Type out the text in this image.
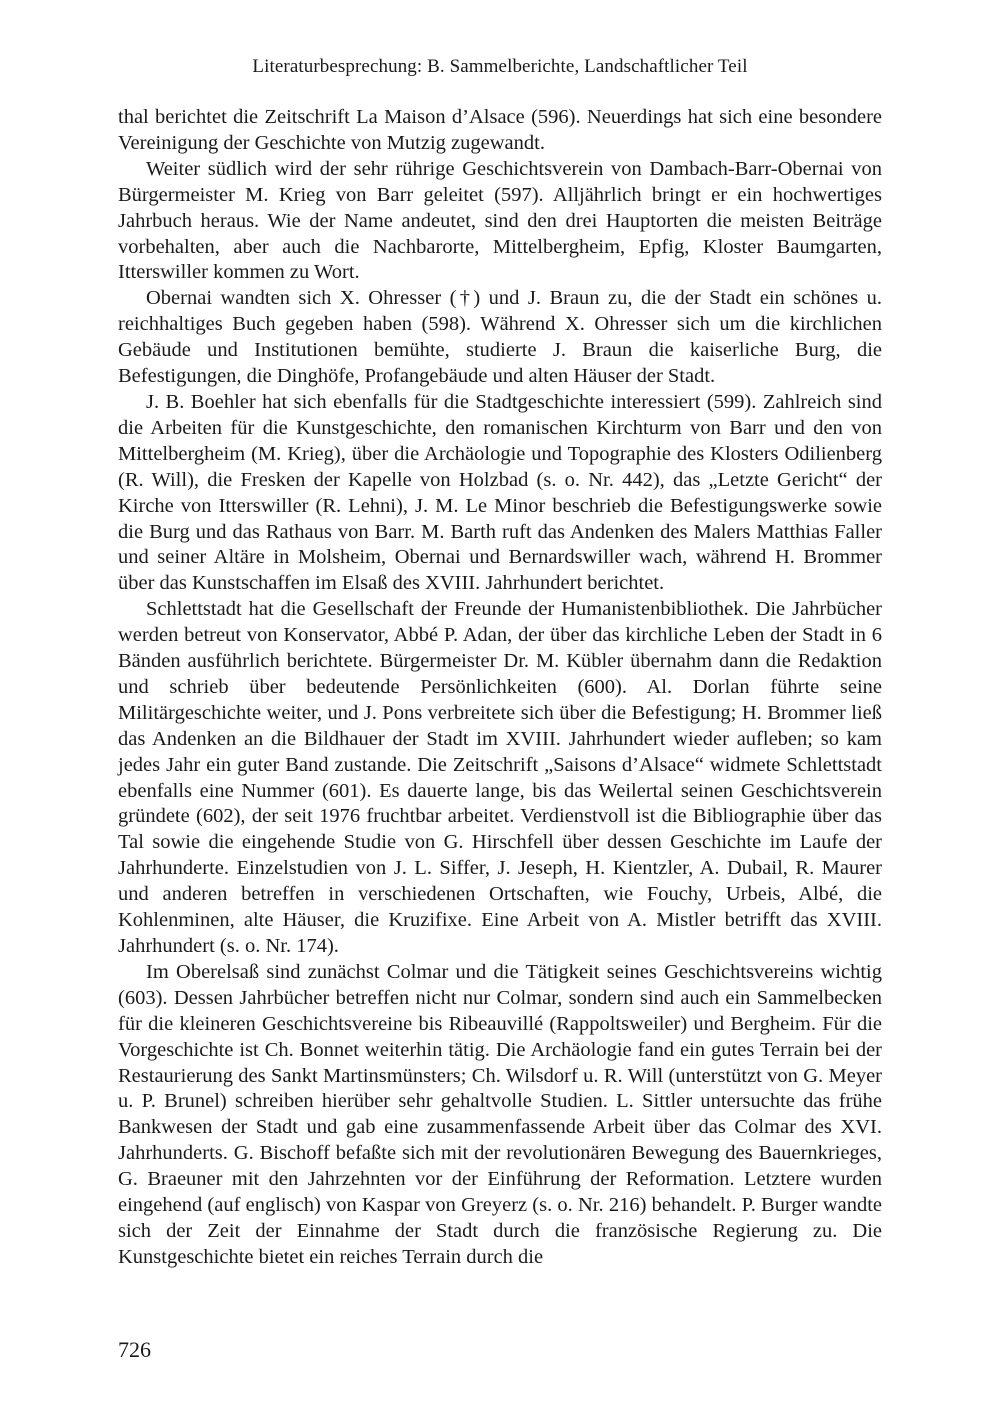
Literaturbesprechung: B. Sammelberichte, Landschaftlicher Teil

thal berichtet die Zeitschrift La Maison d’Alsace (596). Neuerdings hat sich eine besondere Vereinigung der Geschichte von Mutzig zugewandt.

Weiter südlich wird der sehr rührige Geschichtsverein von Dambach-Barr-Obernai von Bürgermeister M. Krieg von Barr geleitet (597). Alljährlich bringt er ein hochwertiges Jahrbuch heraus. Wie der Name andeutet, sind den drei Hauptorten die meisten Beiträge vorbehalten, aber auch die Nachbarorte, Mittelbergheim, Epfig, Kloster Baumgarten, Itterswiller kommen zu Wort.

Obernai wandten sich X. Ohresser (†) und J. Braun zu, die der Stadt ein schönes u. reichhaltiges Buch gegeben haben (598). Während X. Ohresser sich um die kirchlichen Gebäude und Institutionen bemühte, studierte J. Braun die kaiserliche Burg, die Befestigungen, die Dinghöfe, Profangebäude und alten Häuser der Stadt.

J. B. Boehler hat sich ebenfalls für die Stadtgeschichte interessiert (599). Zahlreich sind die Arbeiten für die Kunstgeschichte, den romanischen Kirchturm von Barr und den von Mittelbergheim (M. Krieg), über die Archäologie und Topographie des Klosters Odilienberg (R. Will), die Fresken der Kapelle von Holzbad (s. o. Nr. 442), das „Letzte Gericht“ der Kirche von Itterswiller (R. Lehni), J. M. Le Minor beschrieb die Befestigungswerke sowie die Burg und das Rathaus von Barr. M. Barth ruft das Andenken des Malers Matthias Faller und seiner Altäre in Molsheim, Obernai und Bernardswiller wach, während H. Brommer über das Kunstschaffen im Elsaß des XVIII. Jahrhundert berichtet.

Schlettstadt hat die Gesellschaft der Freunde der Humanistenbibliothek. Die Jahrbücher werden betreut von Konservator, Abbé P. Adan, der über das kirchliche Leben der Stadt in 6 Bänden ausführlich berichtete. Bürgermeister Dr. M. Kübler übernahm dann die Redaktion und schrieb über bedeutende Persönlichkeiten (600). Al. Dorlan führte seine Militärgeschichte weiter, und J. Pons verbreitete sich über die Befestigung; H. Brommer ließ das Andenken an die Bildhauer der Stadt im XVIII. Jahrhundert wieder aufleben; so kam jedes Jahr ein guter Band zustande. Die Zeitschrift „Saisons d’Alsace“ widmete Schlettstadt ebenfalls eine Nummer (601). Es dauerte lange, bis das Weilertal seinen Geschichtsverein gründete (602), der seit 1976 fruchtbar arbeitet. Verdienstvoll ist die Bibliographie über das Tal sowie die eingehende Studie von G. Hirschfell über dessen Geschichte im Laufe der Jahrhunderte. Einzelstudien von J. L. Siffer, J. Jeseph, H. Kientzler, A. Dubail, R. Maurer und anderen betreffen in verschiedenen Ortschaften, wie Fouchy, Urbeis, Albé, die Kohlenminen, alte Häuser, die Kruzifixe. Eine Arbeit von A. Mistler betrifft das XVIII. Jahrhundert (s. o. Nr. 174).

Im Oberelsaß sind zunächst Colmar und die Tätigkeit seines Geschichtsvereins wichtig (603). Dessen Jahrbücher betreffen nicht nur Colmar, sondern sind auch ein Sammelbecken für die kleineren Geschichtsvereine bis Ribeauvillé (Rappoltsweiler) und Bergheim. Für die Vorgeschichte ist Ch. Bonnet weiterhin tätig. Die Archäologie fand ein gutes Terrain bei der Restaurierung des Sankt Martinsmünsters; Ch. Wilsdorf u. R. Will (unterstützt von G. Meyer u. P. Brunel) schreiben hierüber sehr gehaltvolle Studien. L. Sittler untersuchte das frühe Bankwesen der Stadt und gab eine zusammenfassende Arbeit über das Colmar des XVI. Jahrhunderts. G. Bischoff befaßte sich mit der revolutionären Bewegung des Bauernkrieges, G. Braeuner mit den Jahrzehnten vor der Einführung der Reformation. Letztere wurden eingehend (auf englisch) von Kaspar von Greyerz (s. o. Nr. 216) behandelt. P. Burger wandte sich der Zeit der Einnahme der Stadt durch die französische Regierung zu. Die Kunstgeschichte bietet ein reiches Terrain durch die

726
